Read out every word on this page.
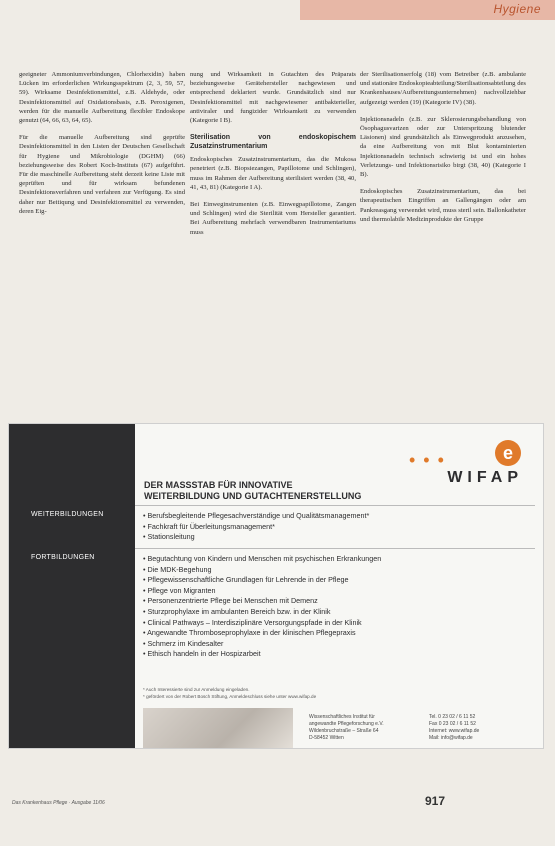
Hygiene

geeigneter Ammoniumverbindungen, Chlorhexidin) haben Lücken im erforderlichen Wirkungsspektrum (2, 3, 59, 57, 59). Wirksame Desinfektionsmittel, z.B. Aldehyde, oder Desinfektionsmittel auf Oxidationsbasis, z.B. Peroxigenen, werden für die manuelle Aufbereitung flexibler Endoskope genutzt (64, 66, 63, 64, 65).

Für die manuelle Aufbereitung sind geprüfte Desinfektionsmittel in den Listen der Deutschen Gesellschaft für Hygiene und Mikrobiologie (DGHM) (66) beziehungsweise des Robert Koch-Instituts (67) aufgeführt. Für die maschinelle Aufbereitung steht derzeit keine Liste mit geprüften und für wirksam befundenen Desinfektionsverfahren und verfahren zur Verfügung. Es sind daher nur Beitiqung und Desinfektionsmittel zu verwenden, deren Eig-

nung und Wirksamkeit in Gutachten des Präparats beziehungsweise Gerätehersteller nachgewiesen und entsprechend deklariert wurde. Grundsätzlich sind nur Desinfektionsmittel mit nachgewiesener antibakterieller, antiviraler und fungizider Wirksamkeit zu verwenden (Kategorie I B).

Sterilisation von endoskopischem Zusatzinstrumentarium

Endoskopisches Zusatzinstrumentarium, das die Mukosa penetriert (z.B. Biopsiezangen, Papillotome und Schlingen), muss im Rahmen der Aufbereitung sterilisiert werden (38, 40, 41, 43, 81) (Kategorie I A).

Bei Einweginstrumenten (z.B. Einwegpapillotome, Zangen und Schlingen) wird die Sterilität vom Hersteller garantiert. Bei Aufbereitung mehrfach verwendbaren Instrumentariums muss

der Sterilisationserfolg (18) vom Betreiber (z.B. ambulante und stationäre Endoskopieabteilung/Sterilisationsabteilung des Krankenhauses/Aufbereitungsunternehmen) nachvollziehbar aufgezeigt werden (19) (Kategorie IV) (38).

Injektionsnadeln (z.B. zur Sklerosierungsbehandlung von Ösophagusvarizen oder zur Unterspritzung blutender Läsionen) sind grundsätzlich als Einwegprodukt anzusehen, da eine Aufbereitung von mit Blut kontaminierten Injektionsnadeln technisch schwierig ist und ein hohes Verletzungs- und Infektionsrisiko birgt (38, 40) (Kategorie I B).

Endoskopisches Zusatzinstrumentarium, das bei therapeutischen Eingriffen an Gallengängen oder am Pankreasgang verwendet wird, muss steril sein. Ballonkatheter und thermolabile Medizinprodukte der Gruppe

•••	e
WIFAP
DER MASSSTAB FÜR INNOVATIVE
WEITERBILDUNG UND GUTACHTENERSTELLUNG
WEITERBILDUNGEN	• Berufsbegleitende Pflegesachverständige und Qualitätsmanagement*
• Fachkraft für Überleitungsmanagement*
• Stationsleitung
FORTBILDUNGEN	• Begutachtung von Kindern und Menschen mit psychischen Erkrankungen
• Die MDK-Begehung
• Pflegewissenschaftliche Grundlagen für Lehrende in der Pflege
• Pflege von Migranten
• Personenzentrierte Pflege bei Menschen mit Demenz
• Sturzprophylaxe im ambulanten Bereich bzw. in der Klinik
• Clinical Pathways – Interdisziplinäre Versorgungspfade in der Klinik
• Angewandte Thromboseprophylaxe in der klinischen Pflegepraxis
• Schmerz im Kindesalter
• Ethisch handeln in der Hospizarbeit
* Auch Interessierte sind zur Anmeldung eingeladen.
* gefördert von der Robert Bosch Stiftung, Anmeldeschluss siehe unter www.wifap.de
Wissenschaftliches Institut für
angewandte Pflegeforschung e.V.
Wildenbruchstraße – Straße 64
D-58452 Witten
Tel. 0 23 02 / 6 11 52
Fax 0 23 02 / 6 11 52
Internet: www.wifap.de
Mail: info@wifap.de
Das Krankenhaus Pflege · Ausgabe 11/06	917
